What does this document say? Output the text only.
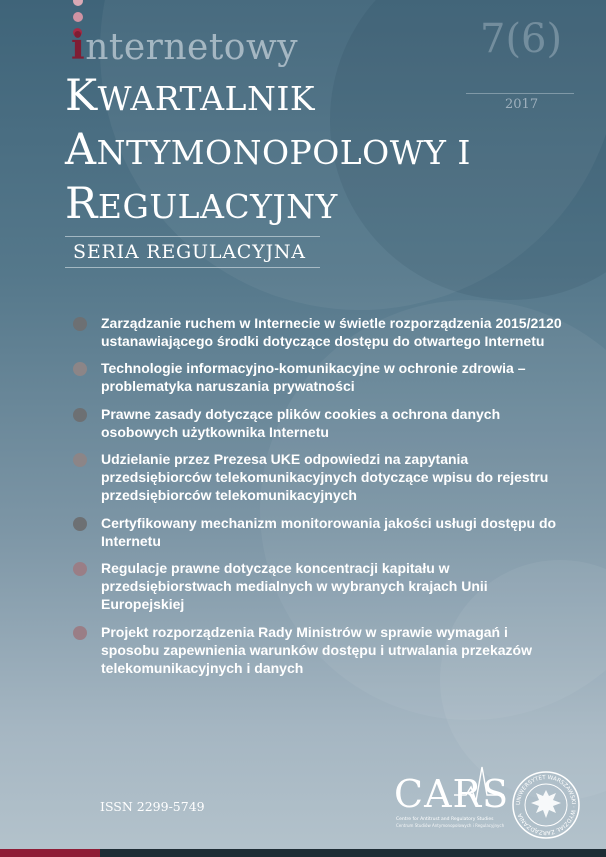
internetowy	7(6)
2017
KWARTALNIK
ANTYMONOPOLOWY I
REGULACYJNY
SERIA REGULACYJNA
Zarządzanie ruchem w Internecie w świetle rozporządzenia 2015/2120 ustanawiającego środki dotyczące dostępu do otwartego Internetu
Technologie informacyjno-komunikacyjne w ochronie zdrowia – problematyka naruszania prywatności
Prawne zasady dotyczące plików cookies a ochrona danych osobowych użytkownika Internetu
Udzielanie przez Prezesa UKE odpowiedzi na zapytania przedsiębiorców telekomunikacyjnych dotyczące wpisu do rejestru przedsiębiorców telekomunikacyjnych
Certyfikowany mechanizm monitorowania jakości usługi dostępu do Internetu
Regulacje prawne dotyczące koncentracji kapitału w przedsiębiorstwach medialnych w wybranych krajach Unii Europejskiej
Projekt rozporządzenia Rady Ministrów w sprawie wymagań i sposobu zapewnienia warunków dostępu i utrwalania przekazów telekomunikacyjnych i danych
ISSN 2299-5749	CARS
Centre for Antitrust and Regulatory Studies
Centrum Studiów Antymonopolowych i Regulacyjnych
UNIWERSYTET WARSZAWSKI · WYDZIAŁ ZARZĄDZANIA
